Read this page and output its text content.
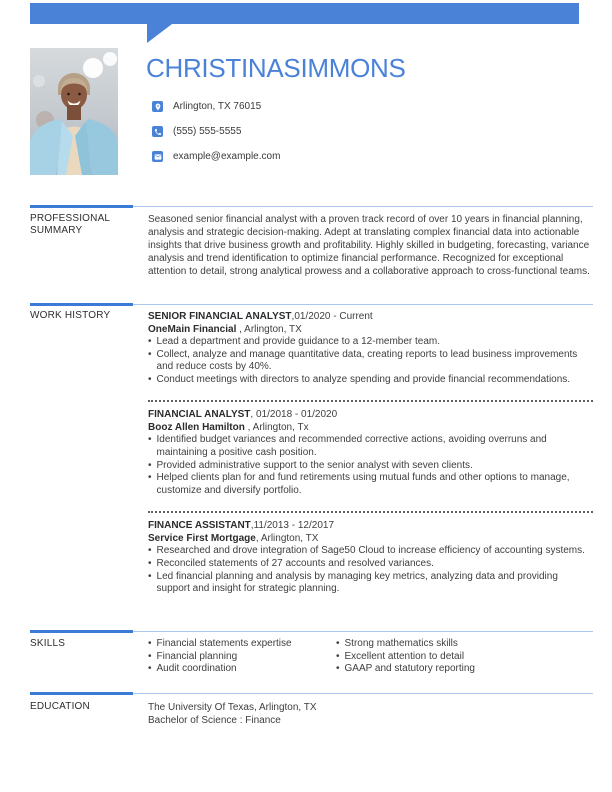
CHRISTINASIMMONS
Arlington, TX 76015
(555) 555-5555
example@example.com
PROFESSIONAL SUMMARY
Seasoned senior financial analyst with a proven track record of over 10 years in financial planning, analysis and strategic decision-making. Adept at translating complex financial data into actionable insights that drive business growth and profitability. Highly skilled in budgeting, forecasting, variance analysis and trend identification to optimize financial performance. Recognized for exceptional attention to detail, strong analytical prowess and a collaborative approach to cross-functional teams.
WORK HISTORY	SENIOR FINANCIAL ANALYST,01/2020 - Current
OneMain Financial , Arlington, TX
• Lead a department and provide guidance to a 12-member team.
• Collect, analyze and manage quantitative data, creating reports to lead business improvements and reduce costs by 40%.
• Conduct meetings with directors to analyze spending and provide financial recommendations.
FINANCIAL ANALYST, 01/2018 - 01/2020
Booz Allen Hamilton , Arlington, Tx
• Identified budget variances and recommended corrective actions, avoiding overruns and maintaining a positive cash position.
• Provided administrative support to the senior analyst with seven clients.
• Helped clients plan for and fund retirements using mutual funds and other options to manage, customize and diversify portfolio.
FINANCE ASSISTANT,11/2013 - 12/2017
Service First Mortgage, Arlington, TX
• Researched and drove integration of Sage50 Cloud to increase efficiency of accounting systems.
• Reconciled statements of 27 accounts and resolved variances.
• Led financial planning and analysis by managing key metrics, analyzing data and providing support and insight for strategic planning.
SKILLS	• Financial statements expertise
• Financial planning
• Audit coordination
• Strong mathematics skills
• Excellent attention to detail
• GAAP and statutory reporting
EDUCATION	The University Of Texas, Arlington, TX
Bachelor of Science : Finance
